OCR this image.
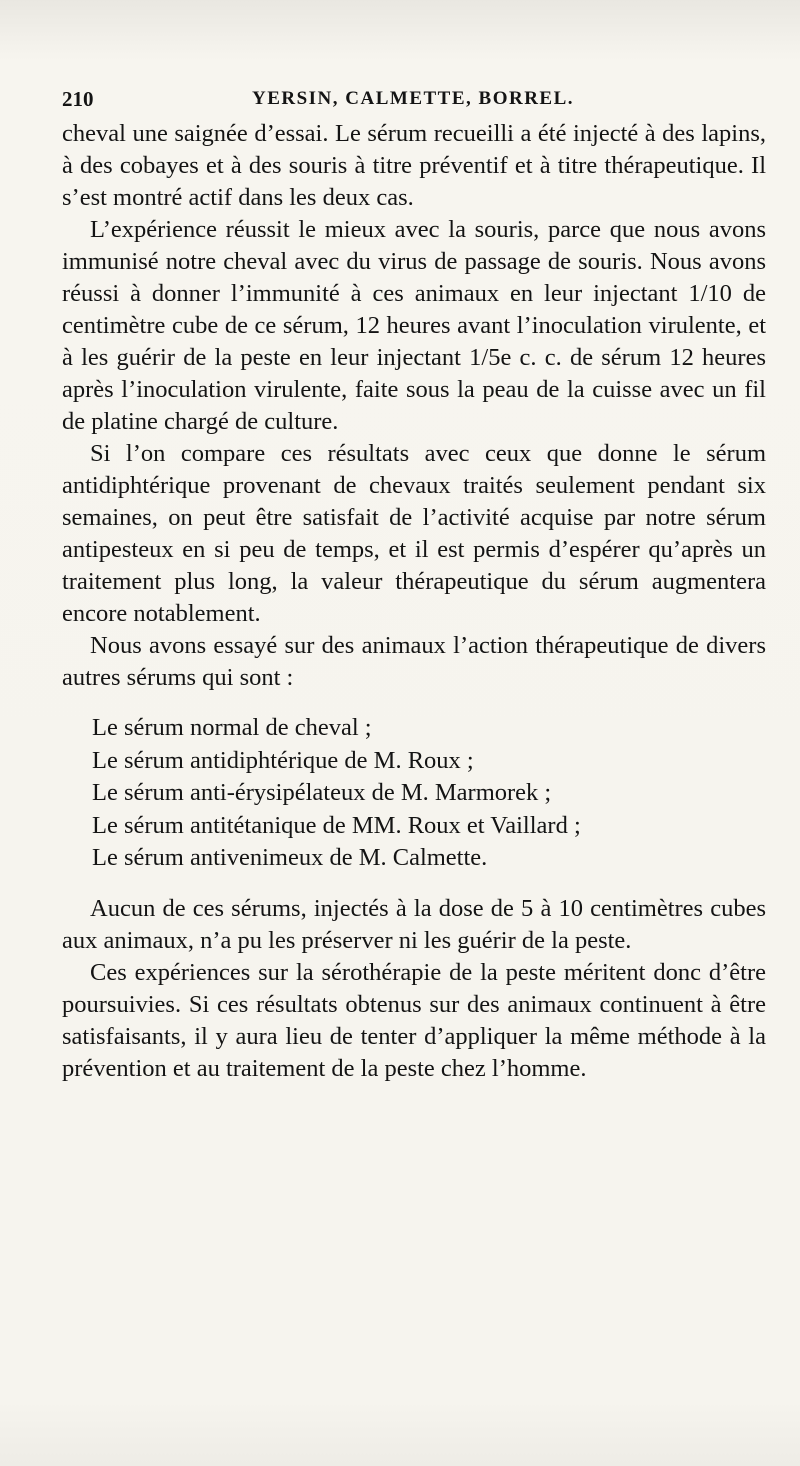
210	YERSIN, CALMETTE, BORREL.

cheval une saignée d’essai. Le sérum recueilli a été injecté à des lapins, à des cobayes et à des souris à titre préventif et à titre thérapeutique. Il s’est montré actif dans les deux cas.

L’expérience réussit le mieux avec la souris, parce que nous avons immunisé notre cheval avec du virus de passage de souris. Nous avons réussi à donner l’immunité à ces animaux en leur injectant 1/10 de centimètre cube de ce sérum, 12 heures avant l’inoculation virulente, et à les guérir de la peste en leur injectant 1/5e c. c. de sérum 12 heures après l’inoculation virulente, faite sous la peau de la cuisse avec un fil de platine chargé de culture.

Si l’on compare ces résultats avec ceux que donne le sérum antidiphtérique provenant de chevaux traités seulement pendant six semaines, on peut être satisfait de l’activité acquise par notre sérum antipesteux en si peu de temps, et il est permis d’espérer qu’après un traitement plus long, la valeur thérapeutique du sérum augmentera encore notablement.

Nous avons essayé sur des animaux l’action thérapeutique de divers autres sérums qui sont :

Le sérum normal de cheval ;
Le sérum antidiphtérique de M. Roux ;
Le sérum anti-érysipélateux de M. Marmorek ;
Le sérum antitétanique de MM. Roux et Vaillard ;
Le sérum antivenimeux de M. Calmette.

Aucun de ces sérums, injectés à la dose de 5 à 10 centimètres cubes aux animaux, n’a pu les préserver ni les guérir de la peste.

Ces expériences sur la sérothérapie de la peste méritent donc d’être poursuivies. Si ces résultats obtenus sur des animaux continuent à être satisfaisants, il y aura lieu de tenter d’appliquer la même méthode à la prévention et au traitement de la peste chez l’homme.
